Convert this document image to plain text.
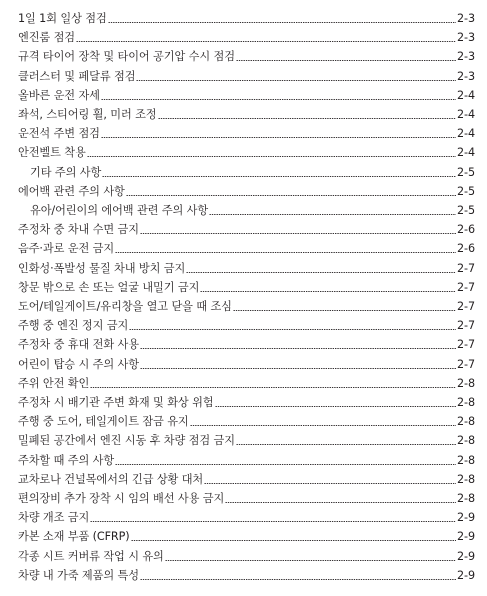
1일 1회 일상 점검	2-3
엔진룸 점검	2-3
규격 타이어 장착 및 타이어 공기압 수시 점검	2-3
클러스터 및 페달류 점검	2-3
올바른 운전 자세	2-4
좌석, 스티어링 휠, 미러 조정	2-4
운전석 주변 점검	2-4
안전벨트 착용	2-4
기타 주의 사항	2-5
에어백 관련 주의 사항	2-5
유아/어린이의 에어백 관련 주의 사항	2-5
주정차 중 차내 수면 금지	2-6
음주·과로 운전 금지	2-6
인화성·폭발성 물질 차내 방치 금지	2-7
창문 밖으로 손 또는 얼굴 내밀기 금지	2-7
도어/테일게이트/유리창을 열고 닫을 때 조심	2-7
주행 중 엔진 정지 금지	2-7
주정차 중 휴대 전화 사용	2-7
어린이 탑승 시 주의 사항	2-7
주위 안전 확인	2-8
주정차 시 배기관 주변 화재 및 화상 위험	2-8
주행 중 도어, 테일게이트 잠금 유지	2-8
밀폐된 공간에서 엔진 시동 후 차량 점검 금지	2-8
주차할 때 주의 사항	2-8
교차로나 건널목에서의 긴급 상황 대처	2-8
편의장비 추가 장착 시 임의 배선 사용 금지	2-8
차량 개조 금지	2-9
카본 소재 부품 (CFRP)	2-9
각종 시트 커버류 작업 시 유의	2-9
차량 내 가죽 제품의 특성	2-9
